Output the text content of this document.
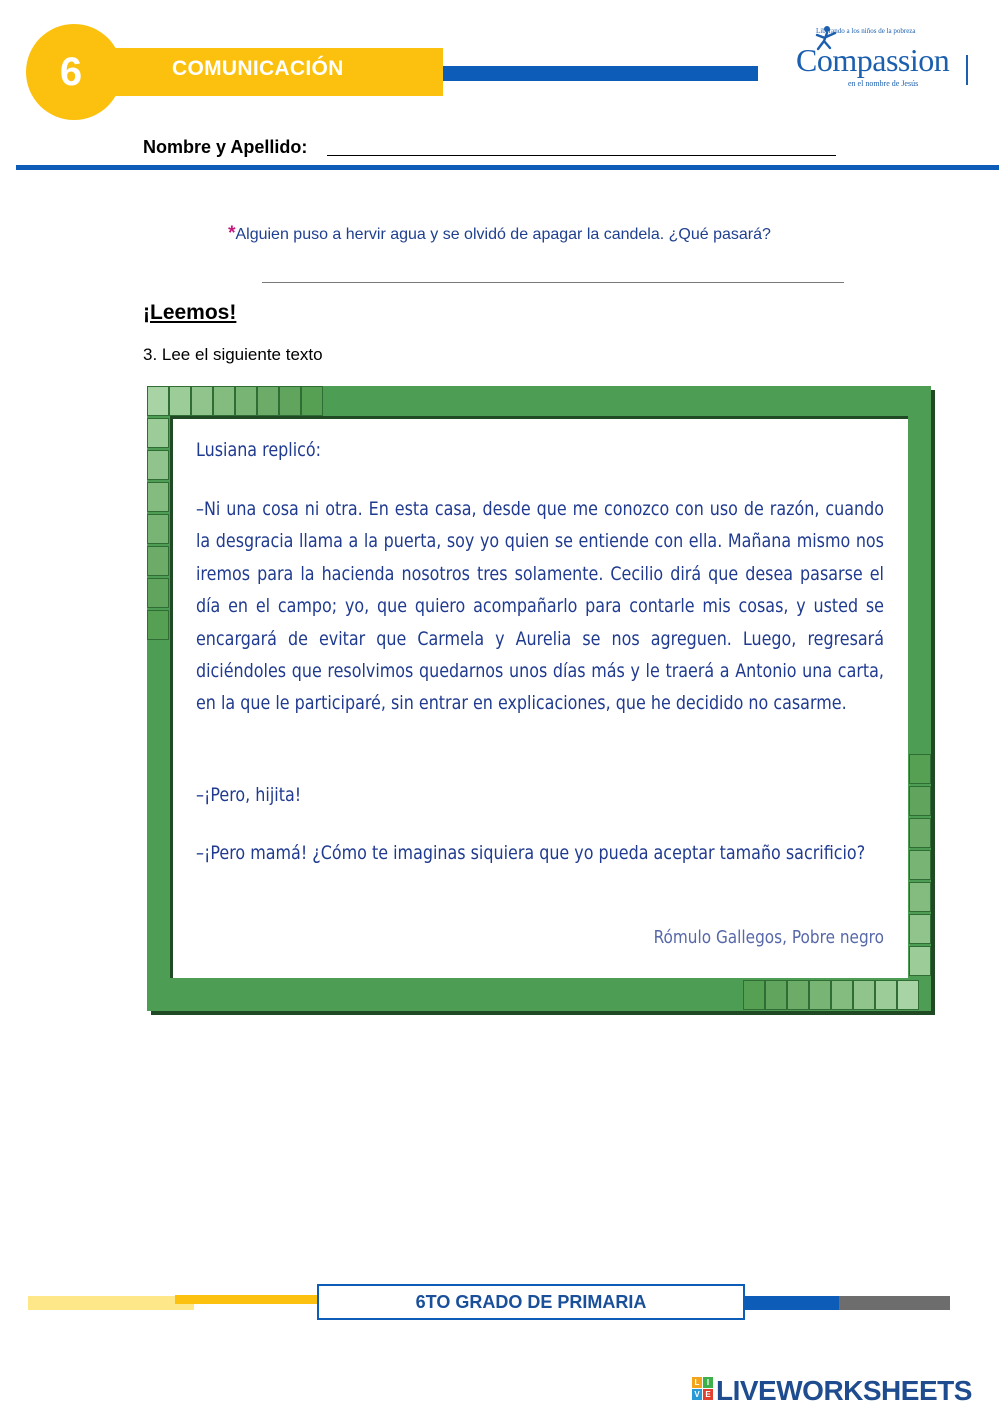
6	COMUNICACIÓN
Liberando a los niños de la pobreza
Compassion
en el nombre de Jesús
Nombre y Apellido:
*Alguien puso a hervir agua y se olvidó de apagar la candela. ¿Qué pasará?
¡Leemos!
3. Lee el siguiente texto

Lusiana replicó:

–Ni una cosa ni otra. En esta casa, desde que me conozco con uso de razón, cuando la desgracia llama a la puerta, soy yo quien se entiende con ella. Mañana mismo nos iremos para la hacienda nosotros tres solamente. Cecilio dirá que desea pasarse el día en el campo; yo, que quiero acompañarlo para contarle mis cosas, y usted se encargará de evitar que Carmela y Aurelia se nos agreguen. Luego, regresará diciéndoles que resolvimos quedarnos unos días más y le traerá a Antonio una carta, en la que le participaré, sin entrar en explicaciones, que he decidido no casarme.

–¡Pero, hijita!

–¡Pero mamá! ¿Cómo te imaginas siquiera que yo pueda aceptar tamaño sacrificio?

Rómulo Gallegos, Pobre negro
6TO GRADO DE PRIMARIA
L I
V E LIVEWORKSHEETS
